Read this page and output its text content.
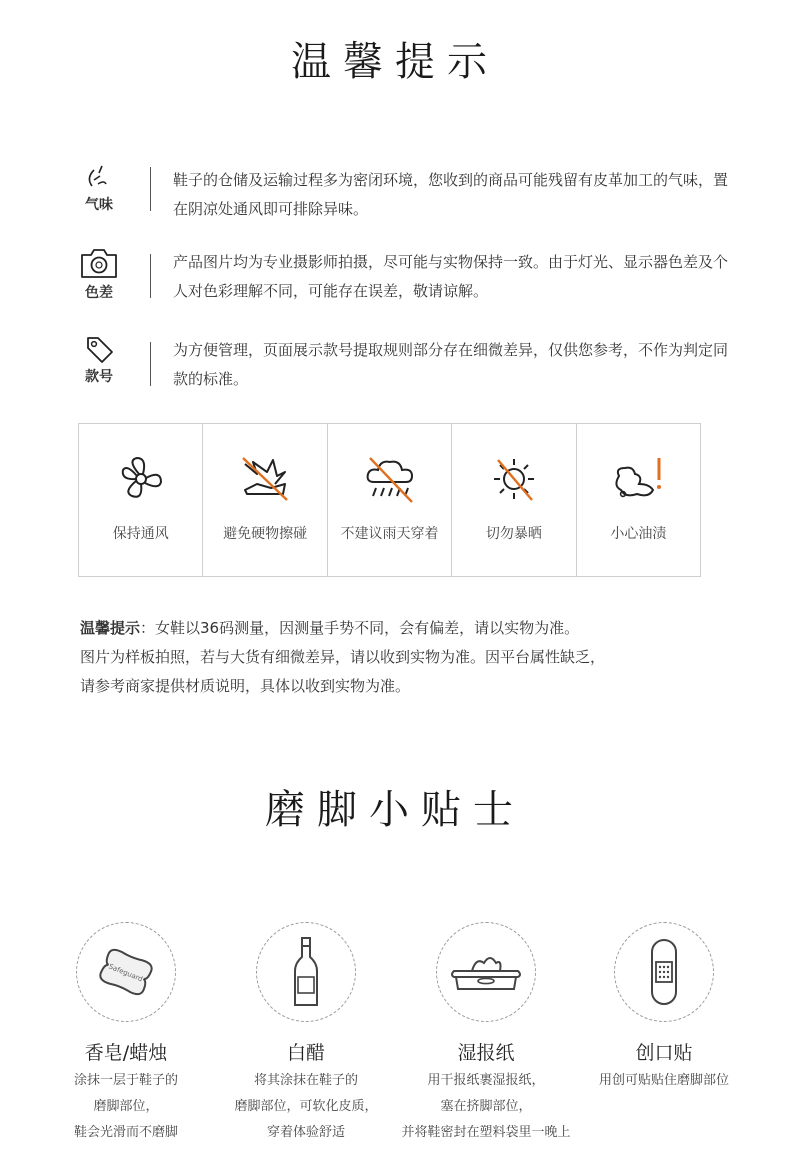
温馨提示
气味
鞋子的仓储及运输过程多为密闭环境，您收到的商品可能残留有皮革加工的气味，置在阴凉处通风即可排除异味。
色差
产品图片均为专业摄影师拍摄，尽可能与实物保持一致。由于灯光、显示器色差及个人对色彩理解不同，可能存在误差，敬请谅解。
款号
为方便管理，页面展示款号提取规则部分存在细微差异，仅供您参考，不作为判定同款的标准。
保持通风	避免硬物擦碰	不建议雨天穿着	切勿暴晒	小心油渍
温馨提示：女鞋以36码测量，因测量手势不同，会有偏差，请以实物为准。
图片为样板拍照，若与大货有细微差异，请以收到实物为准。因平台属性缺乏，
请参考商家提供材质说明，具体以收到实物为准。
磨脚小贴士
Safeguard
香皂/蜡烛
涂抹一层于鞋子的
磨脚部位，
鞋会光滑而不磨脚
白醋
将其涂抹在鞋子的
磨脚部位，可软化皮质，
穿着体验舒适
湿报纸
用干报纸裹湿报纸，
塞在挤脚部位，
并将鞋密封在塑料袋里一晚上
创口贴
用创可贴贴住磨脚部位
